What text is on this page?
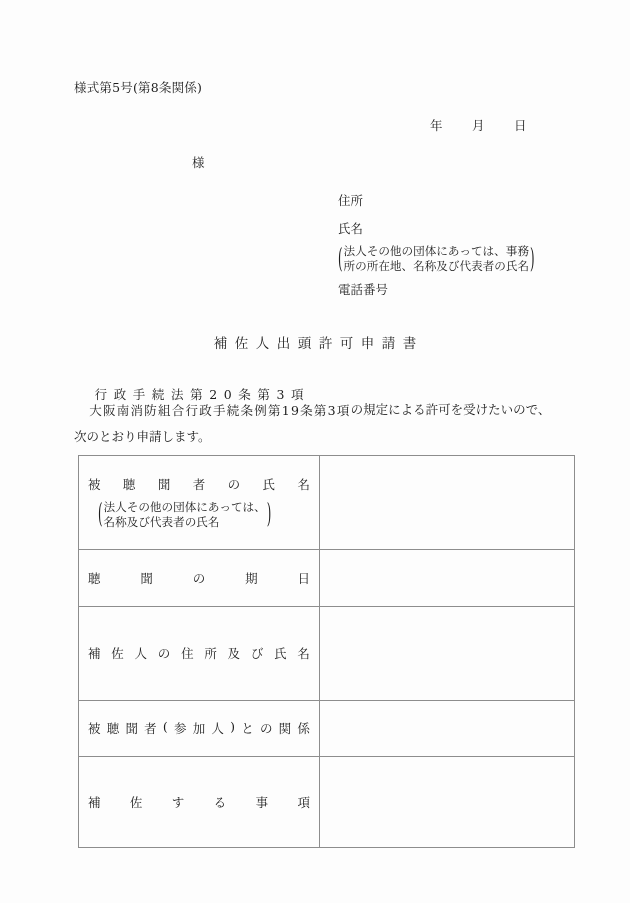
様式第5号(第8条関係)
年 月 日
様
住所
氏名
( 法人その他の団体にあっては、事務
所の所在地、名称及び代表者の氏名 )
電話番号
補佐人出頭許可申請書
行政手続法第20条第3項
大阪南消防組合行政手続条例第19条第3項 の規定による許可を受けたいので、
次のとおり申請します。
被 聴 聞 者 の 氏 名
( 法人その他の団体にあっては、
名称及び代表者の氏名	)

聴 聞 の 期 日	

補 佐 人 の 住 所 及 び 氏 名

被 聴 聞 者 ( 参 加 人 ) と の 関 係

補 佐 す る 事 項
